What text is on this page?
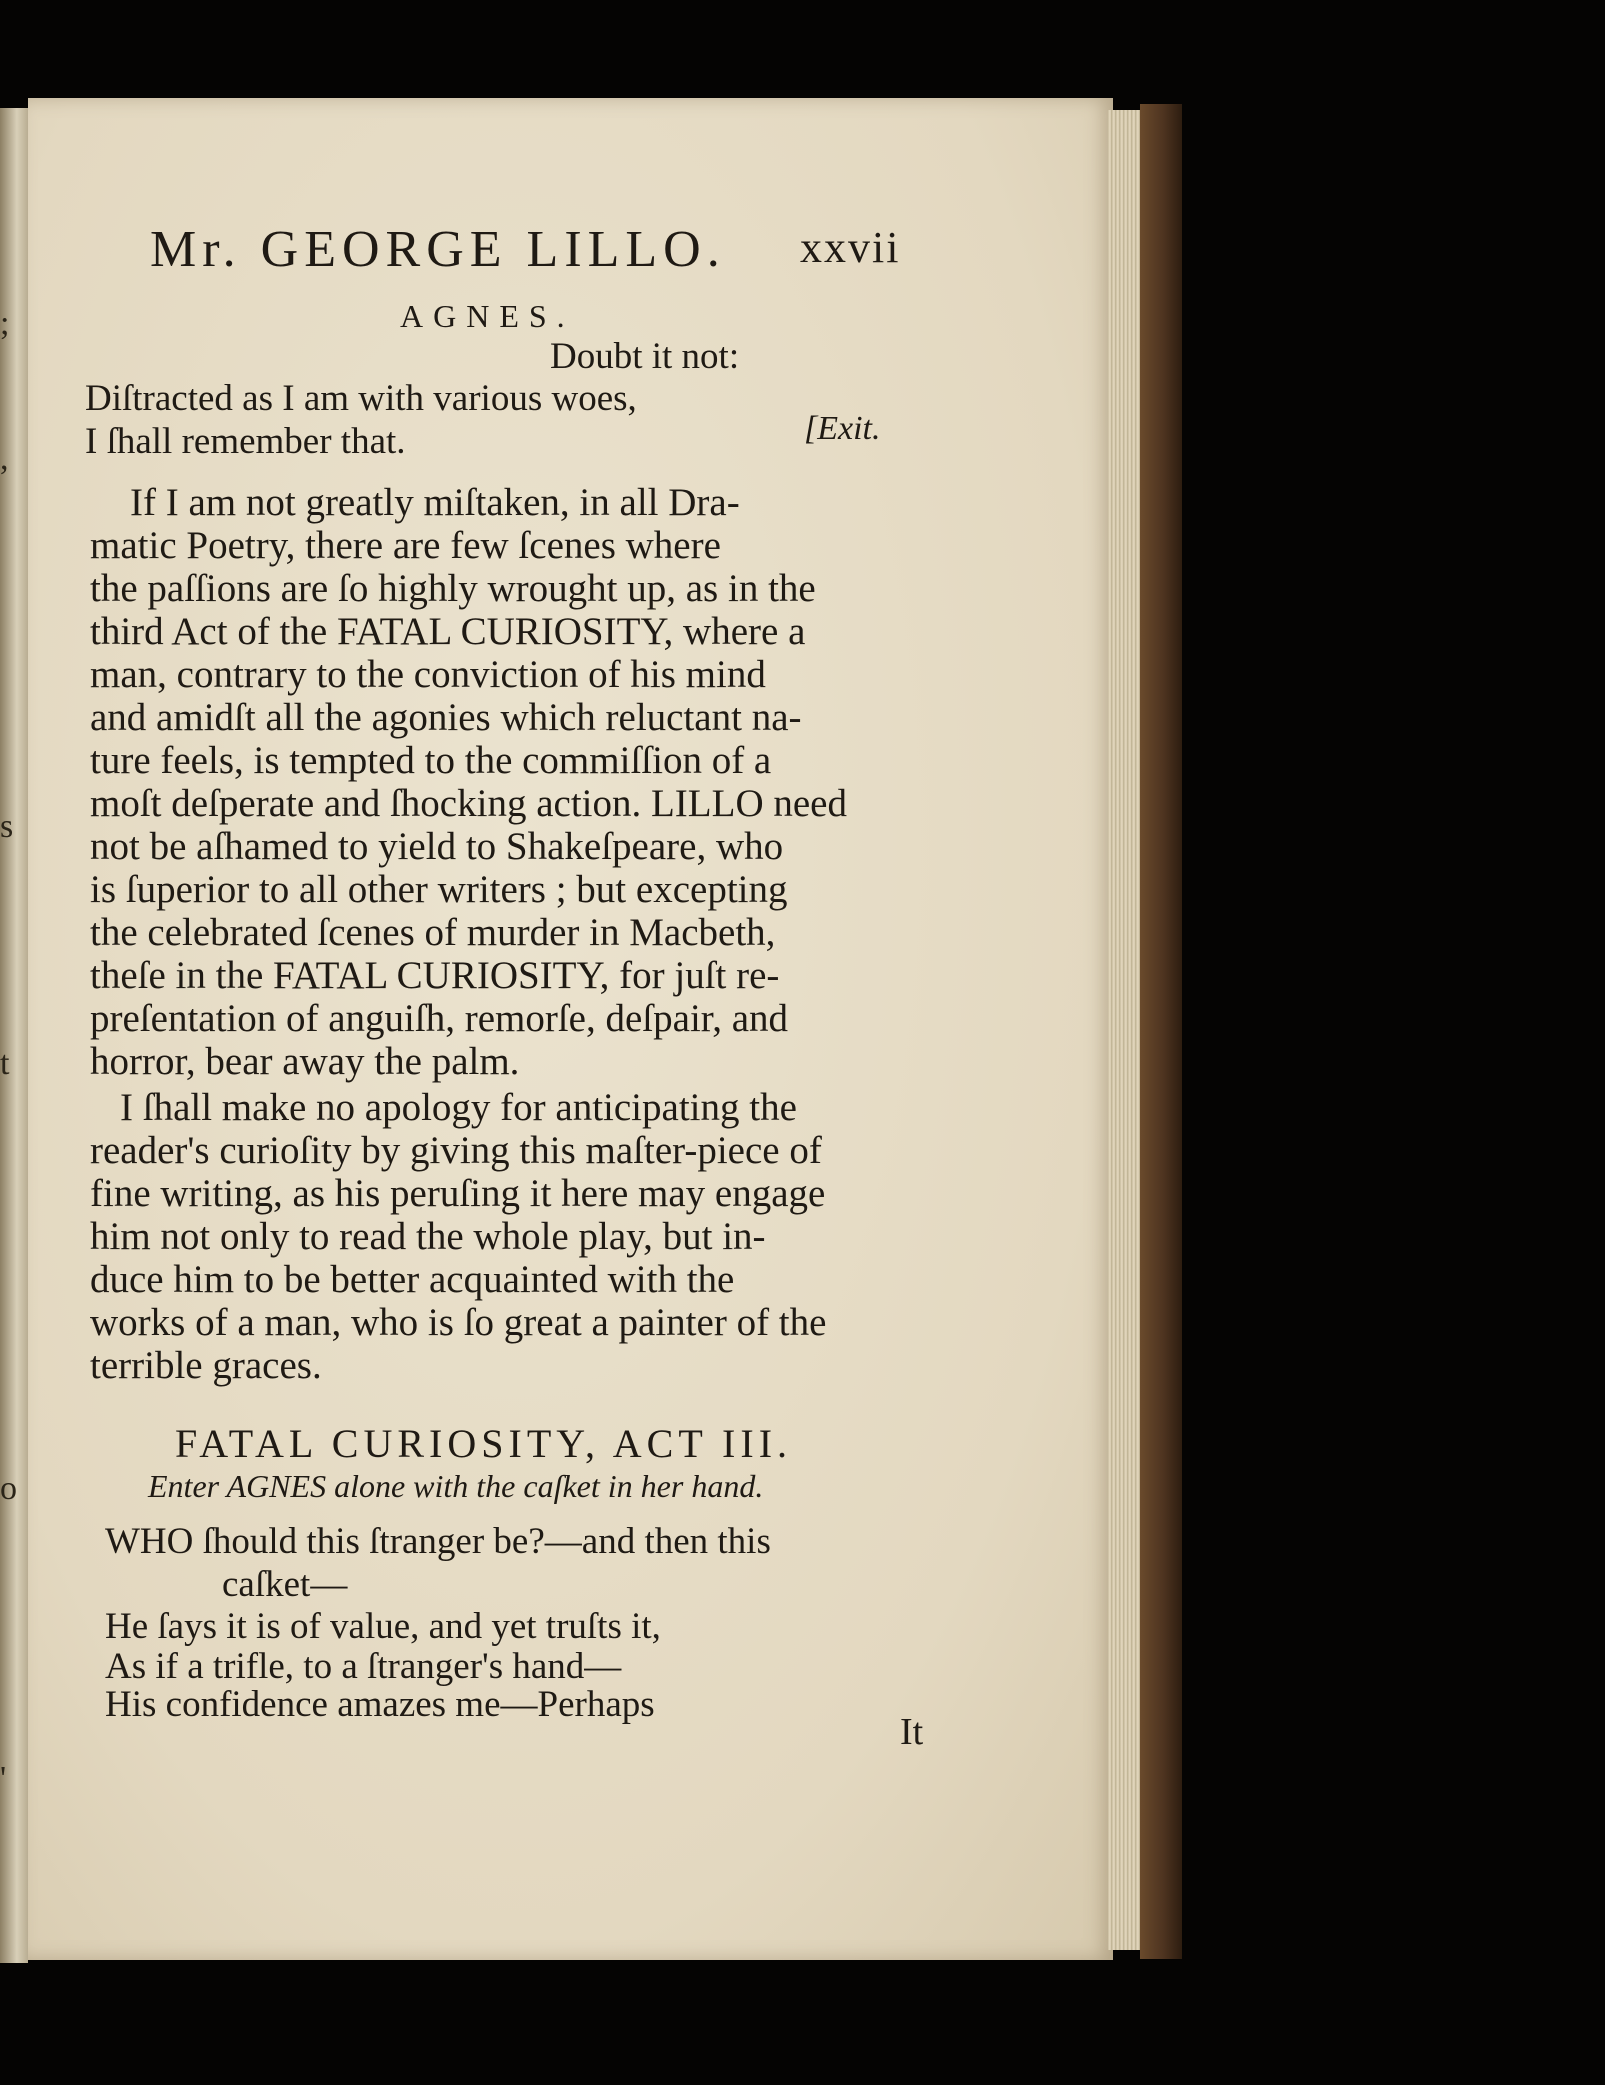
;
,
s
t
o
'
Mr. GEORGE LILLO. xxvii
AGNES.
Doubt it not:
Diſtracted as I am with various woes,
I ſhall remember that.	[Exit.
If I am not greatly miſtaken, in all Dra-
matic Poetry, there are few ſcenes where
the paſſions are ſo highly wrought up, as in the
third Act of the FATAL CURIOSITY, where a
man, contrary to the conviction of his mind
and amidſt all the agonies which reluctant na-
ture feels, is tempted to the commiſſion of a
moſt deſperate and ſhocking action. LILLO need
not be aſhamed to yield to Shakeſpeare, who
is ſuperior to all other writers ; but excepting
the celebrated ſcenes of murder in Macbeth,
theſe in the FATAL CURIOSITY, for juſt re-
preſentation of anguiſh, remorſe, deſpair, and
horror, bear away the palm.
I ſhall make no apology for anticipating the
reader's curioſity by giving this maſter-piece of
fine writing, as his peruſing it here may engage
him not only to read the whole play, but in-
duce him to be better acquainted with the
works of a man, who is ſo great a painter of the
terrible graces.
FATAL CURIOSITY, ACT III.
Enter AGNES alone with the caſket in her hand.
WHO ſhould this ſtranger be?—and then this
caſket—
He ſays it is of value, and yet truſts it,
As if a trifle, to a ſtranger's hand—
His confidence amazes me—Perhaps
It
